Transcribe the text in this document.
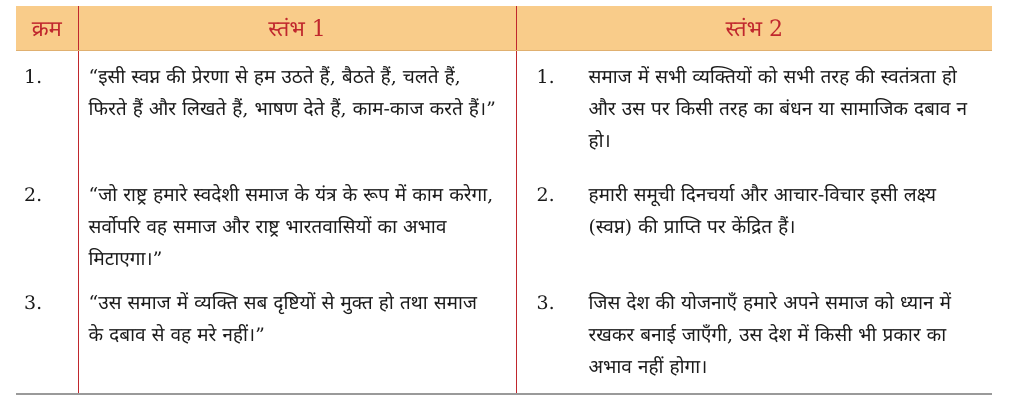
क्रम	स्तंभ 1	स्तंभ 2
1.	“इसी स्वप्न की प्रेरणा से हम उठते हैं, बैठते हैं, चलते हैं, फिरते हैं और लिखते हैं, भाषण देते हैं, काम-काज करते हैं।”	1. समाज में सभी व्यक्तियों को सभी तरह की स्वतंत्रता हो और उस पर किसी तरह का बंधन या सामाजिक दबाव न हो।

2.	“जो राष्ट्र हमारे स्वदेशी समाज के यंत्र के रूप में काम करेगा, सर्वोपरि वह समाज और राष्ट्र भारतवासियों का अभाव मिटाएगा।”	2. हमारी समूची दिनचर्या और आचार-विचार इसी लक्ष्य (स्वप्न) की प्राप्ति पर केंद्रित हैं।

3.	“उस समाज में व्यक्ति सब दृष्टियों से मुक्त हो तथा समाज के दबाव से वह मरे नहीं।”	3. जिस देश की योजनाएँ हमारे अपने समाज को ध्यान में रखकर बनाई जाएँगी, उस देश में किसी भी प्रकार का अभाव नहीं होगा।
